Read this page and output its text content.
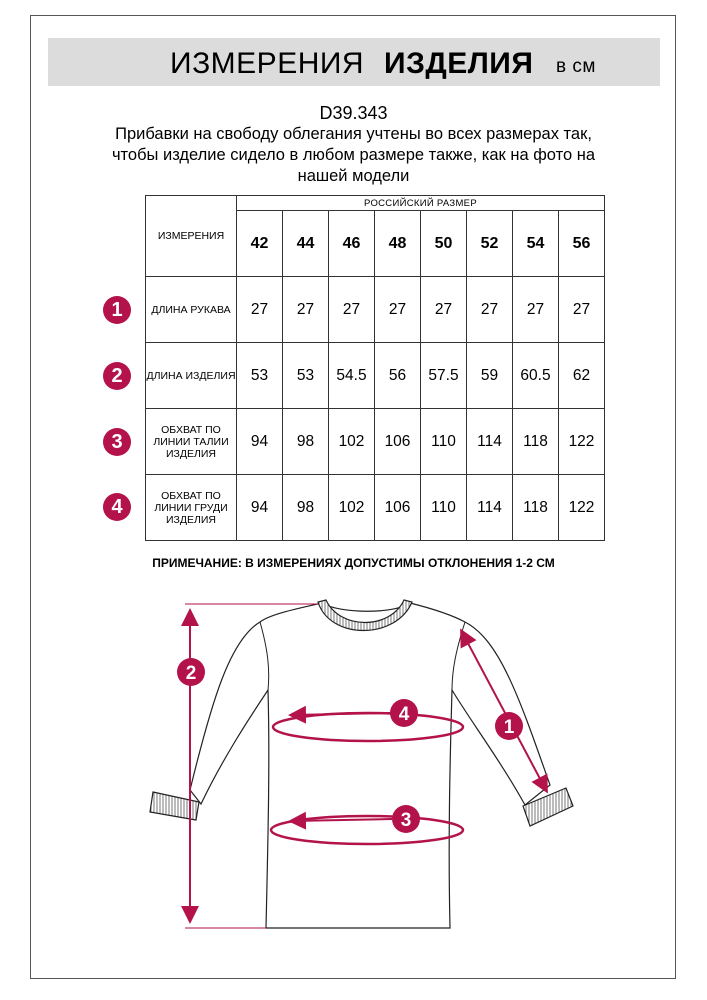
ИЗМЕРЕНИЯ ИЗДЕЛИЯ в см
D39.343
Прибавки на свободу облегания учтены во всех размерах так, чтобы изделие сидело в любом размере также, как на фото на нашей модели
ИЗМЕРЕНИЯ	РОССИЙСКИЙ РАЗМЕР							
	42	44	46	48	50	52	54	56
ДЛИНА РУКАВА	27	27	27	27	27	27	27	27
ДЛИНА ИЗДЕЛИЯ	53	53	54.5	56	57.5	59	60.5	62
ОБХВАТ ПО ЛИНИИ ТАЛИИ ИЗДЕЛИЯ	94	98	102	106	110	114	118	122
ОБХВАТ ПО ЛИНИИ ГРУДИ ИЗДЕЛИЯ	94	98	102	106	110	114	118	122
1
2
3
4
ПРИМЕЧАНИЕ: В ИЗМЕРЕНИЯХ ДОПУСТИМЫ ОТКЛОНЕНИЯ 1-2 СМ
2
1
4
3
